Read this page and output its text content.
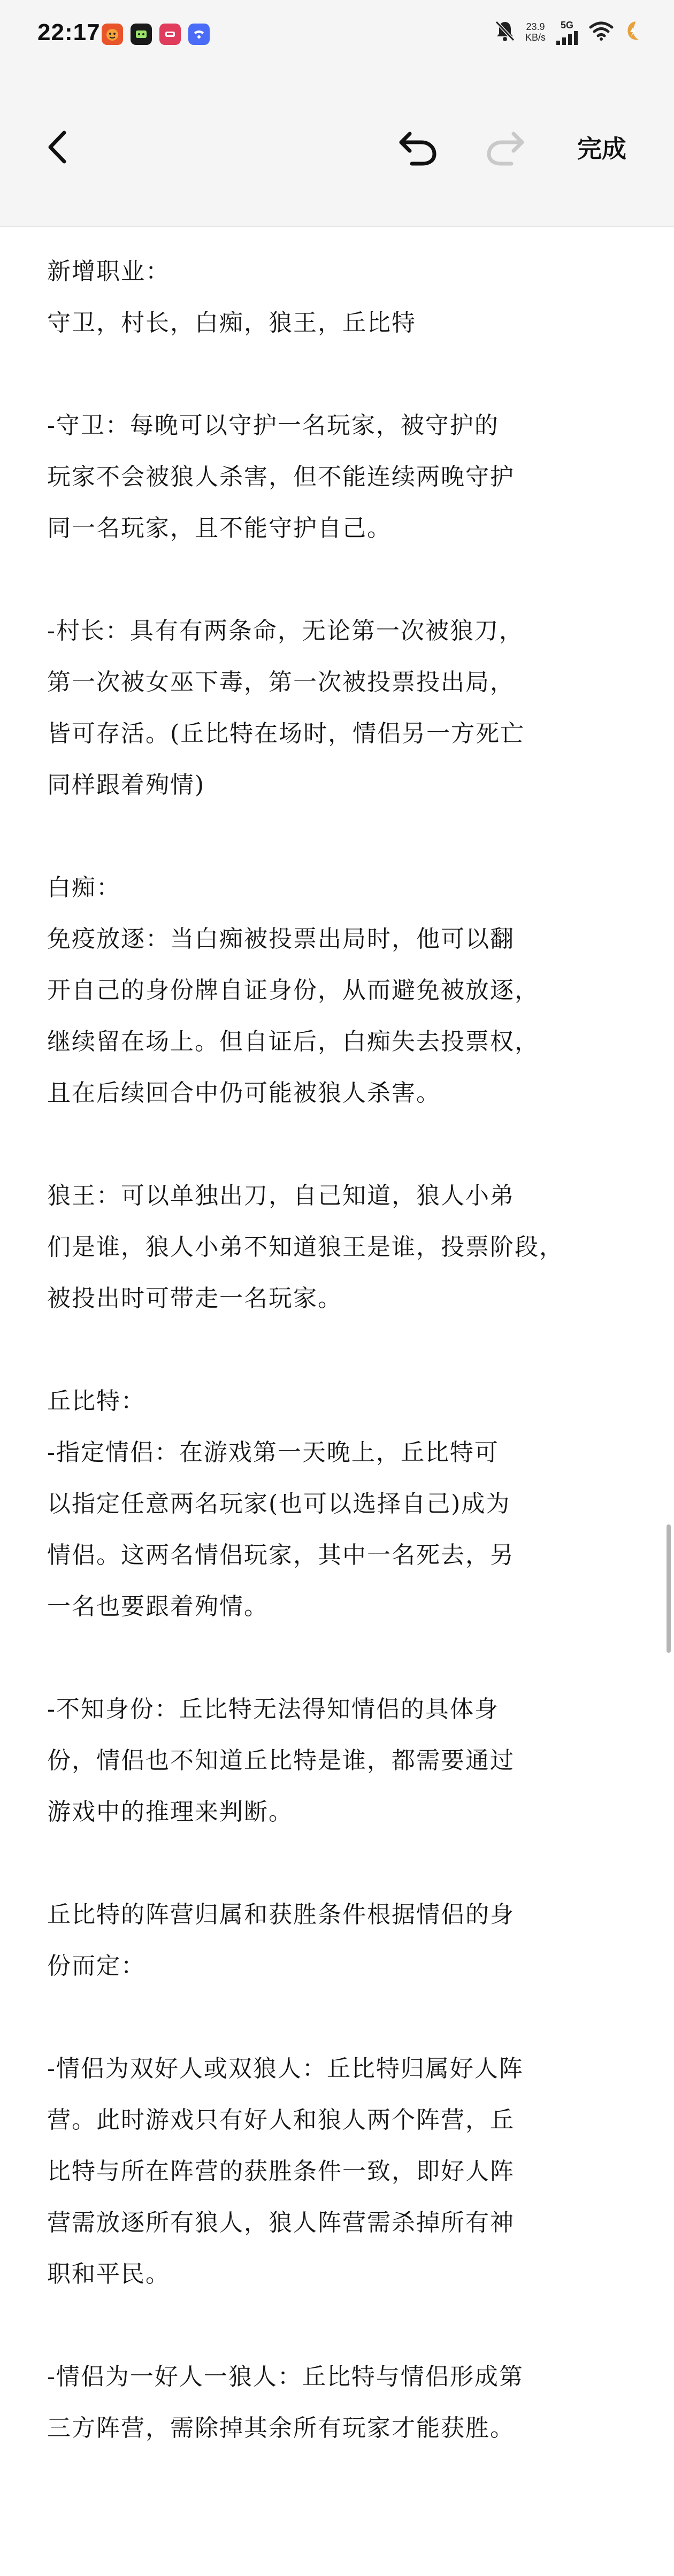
22:17	23.9
KB/s
5G
完成
新增职业：
守卫，村长，白痴，狼王，丘比特
-守卫：每晚可以守护一名玩家，被守护的
玩家不会被狼人杀害，但不能连续两晚守护
同一名玩家，且不能守护自己。
-村长：具有有两条命，无论第一次被狼刀，
第一次被女巫下毒，第一次被投票投出局，
皆可存活。(丘比特在场时，情侣另一方死亡
同样跟着殉情)
白痴：
免疫放逐：当白痴被投票出局时，他可以翻
开自己的身份牌自证身份，从而避免被放逐，
继续留在场上。但自证后，白痴失去投票权，
且在后续回合中仍可能被狼人杀害。
狼王：可以单独出刀，自己知道，狼人小弟
们是谁，狼人小弟不知道狼王是谁，投票阶段，
被投出时可带走一名玩家。
丘比特：
-指定情侣：在游戏第一天晚上，丘比特可
以指定任意两名玩家(也可以选择自己)成为
情侣。这两名情侣玩家，其中一名死去，另
一名也要跟着殉情。
-不知身份：丘比特无法得知情侣的具体身
份，情侣也不知道丘比特是谁，都需要通过
游戏中的推理来判断。
丘比特的阵营归属和获胜条件根据情侣的身
份而定：
-情侣为双好人或双狼人：丘比特归属好人阵
营。此时游戏只有好人和狼人两个阵营，丘
比特与所在阵营的获胜条件一致，即好人阵
营需放逐所有狼人，狼人阵营需杀掉所有神
职和平民。
-情侣为一好人一狼人：丘比特与情侣形成第
三方阵营，需除掉其余所有玩家才能获胜。
